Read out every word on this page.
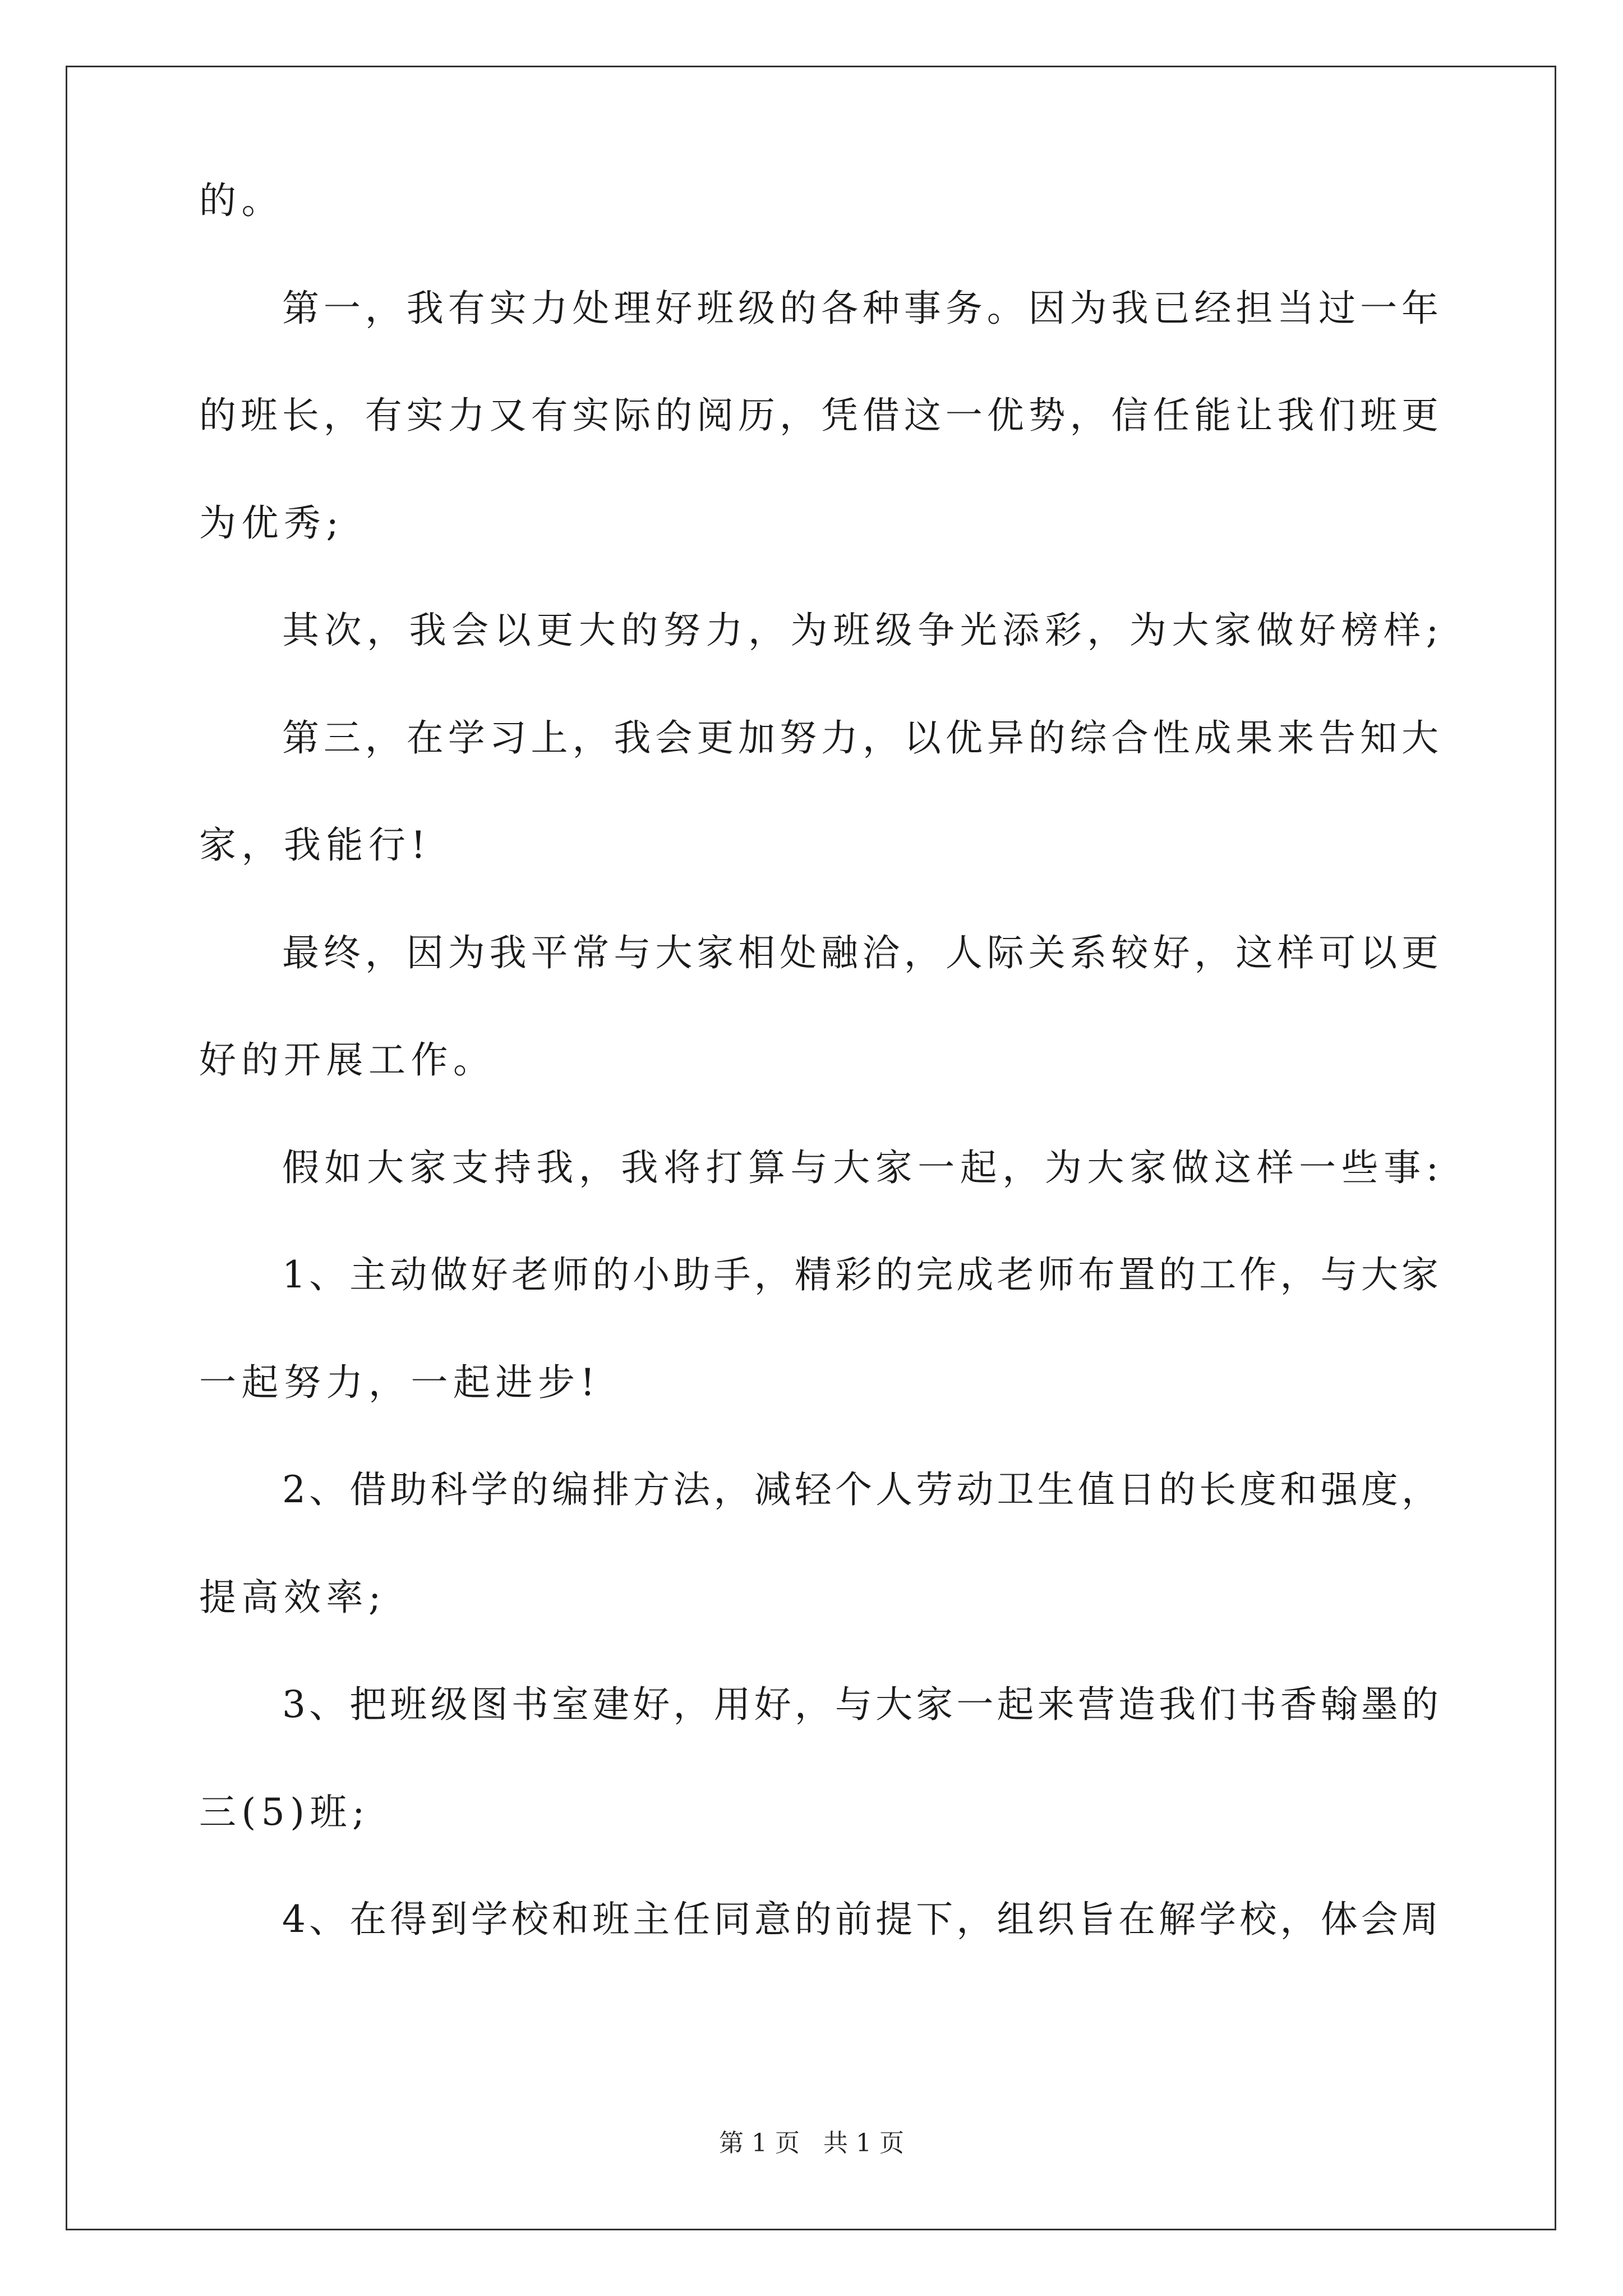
的。
第一，我有实力处理好班级的各种事务。因为我已经担当过一年
的班长，有实力又有实际的阅历，凭借这一优势，信任能让我们班更
为优秀;
其次，我会以更大的努力，为班级争光添彩，为大家做好榜样;
第三，在学习上，我会更加努力，以优异的综合性成果来告知大
家，我能行!
最终，因为我平常与大家相处融洽，人际关系较好，这样可以更
好的开展工作。
假如大家支持我，我将打算与大家一起，为大家做这样一些事:
1、主动做好老师的小助手，精彩的完成老师布置的工作，与大家
一起努力，一起进步!
2、借助科学的编排方法，减轻个人劳动卫生值日的长度和强度，
提高效率;
3、把班级图书室建好，用好，与大家一起来营造我们书香翰墨的
三(5)班;
4、在得到学校和班主任同意的前提下，组织旨在解学校，体会周
第 1 页   共 1 页
